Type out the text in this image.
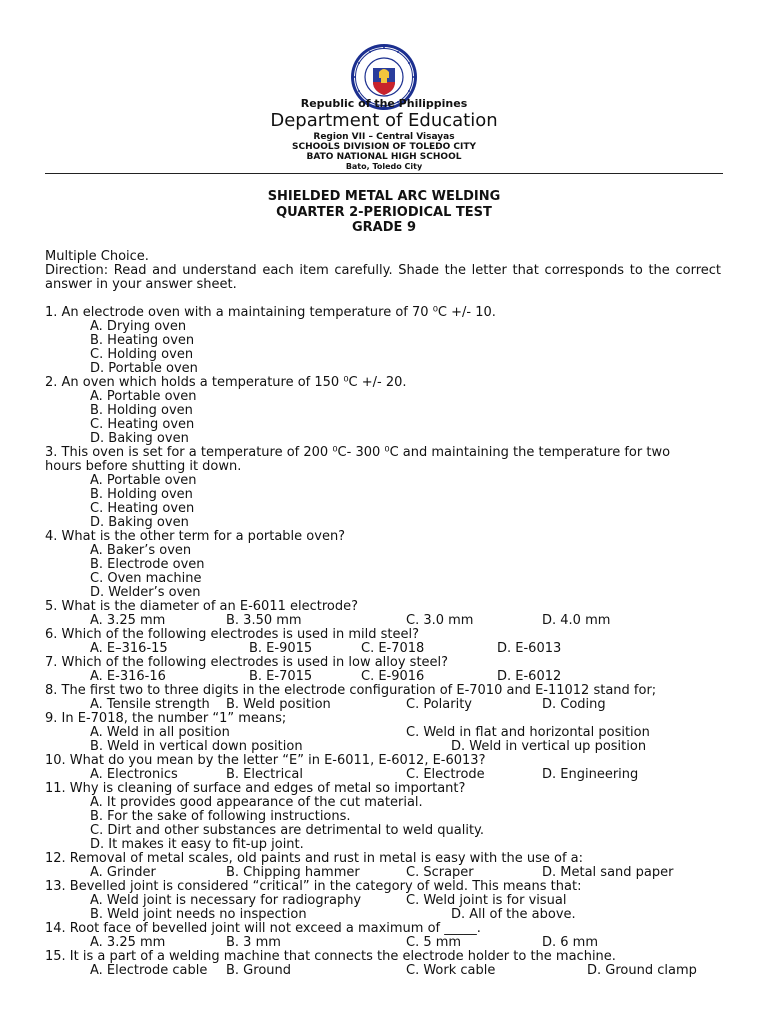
Republic of the Philippines
Department of Education
Region VII – Central Visayas
SCHOOLS DIVISION OF TOLEDO CITY
BATO NATIONAL HIGH SCHOOL
Bato, Toledo City
SHIELDED METAL ARC WELDING
QUARTER 2-PERIODICAL TEST
GRADE 9
Multiple Choice.
Direction: Read and understand each item carefully. Shade the letter that corresponds to the correct answer in your answer sheet.
1. An electrode oven with a maintaining temperature of 70 ⁰C +/- 10.
A. Drying oven
B. Heating oven
C. Holding oven
D. Portable oven
2. An oven which holds a temperature of 150 ⁰C +/- 20.
A. Portable oven
B. Holding oven
C. Heating oven
D. Baking oven
3. This oven is set for a temperature of 200 ⁰C- 300 ⁰C and maintaining the temperature for two
hours before shutting it down.
A. Portable oven
B. Holding oven
C. Heating oven
D. Baking oven
4. What is the other term for a portable oven?
A. Baker’s oven
B. Electrode oven
C. Oven machine
D. Welder’s oven
5. What is the diameter of an E-6011 electrode?
A. 3.25 mm	B. 3.50 mm	C. 3.0 mm	D. 4.0 mm
6. Which of the following electrodes is used in mild steel?
A. E–316-15	B. E-9015	C. E-7018	D. E-6013
7. Which of the following electrodes is used in low alloy steel?
A. E-316-16	B. E-7015	C. E-9016	D. E-6012
8. The first two to three digits in the electrode configuration of E-7010 and E-11012 stand for;
A. Tensile strength B. Weld position	C. Polarity	D. Coding
9. In E-7018, the number “1” means;
A. Weld in all position	C. Weld in flat and horizontal position
B. Weld in vertical down position	D. Weld in vertical up position
10. What do you mean by the letter “E” in E-6011, E-6012, E-6013?
A. Electronics	B. Electrical	C. Electrode	D. Engineering
11. Why is cleaning of surface and edges of metal so important?
A. It provides good appearance of the cut material.
B. For the sake of following instructions.
C. Dirt and other substances are detrimental to weld quality.
D. It makes it easy to fit-up joint.
12. Removal of metal scales, old paints and rust in metal is easy with the use of a:
A. Grinder	B. Chipping hammer	C. Scraper	D. Metal sand paper
13. Bevelled joint is considered “critical” in the category of weld. This means that:
A. Weld joint is necessary for radiography	C. Weld joint is for visual
B. Weld joint needs no inspection	D. All of the above.
14. Root face of bevelled joint will not exceed a maximum of _____.
A. 3.25 mm	B. 3 mm	C. 5 mm	D. 6 mm
15. It is a part of a welding machine that connects the electrode holder to the machine.
A. Electrode cable B. Ground	C. Work cable	D. Ground clamp
